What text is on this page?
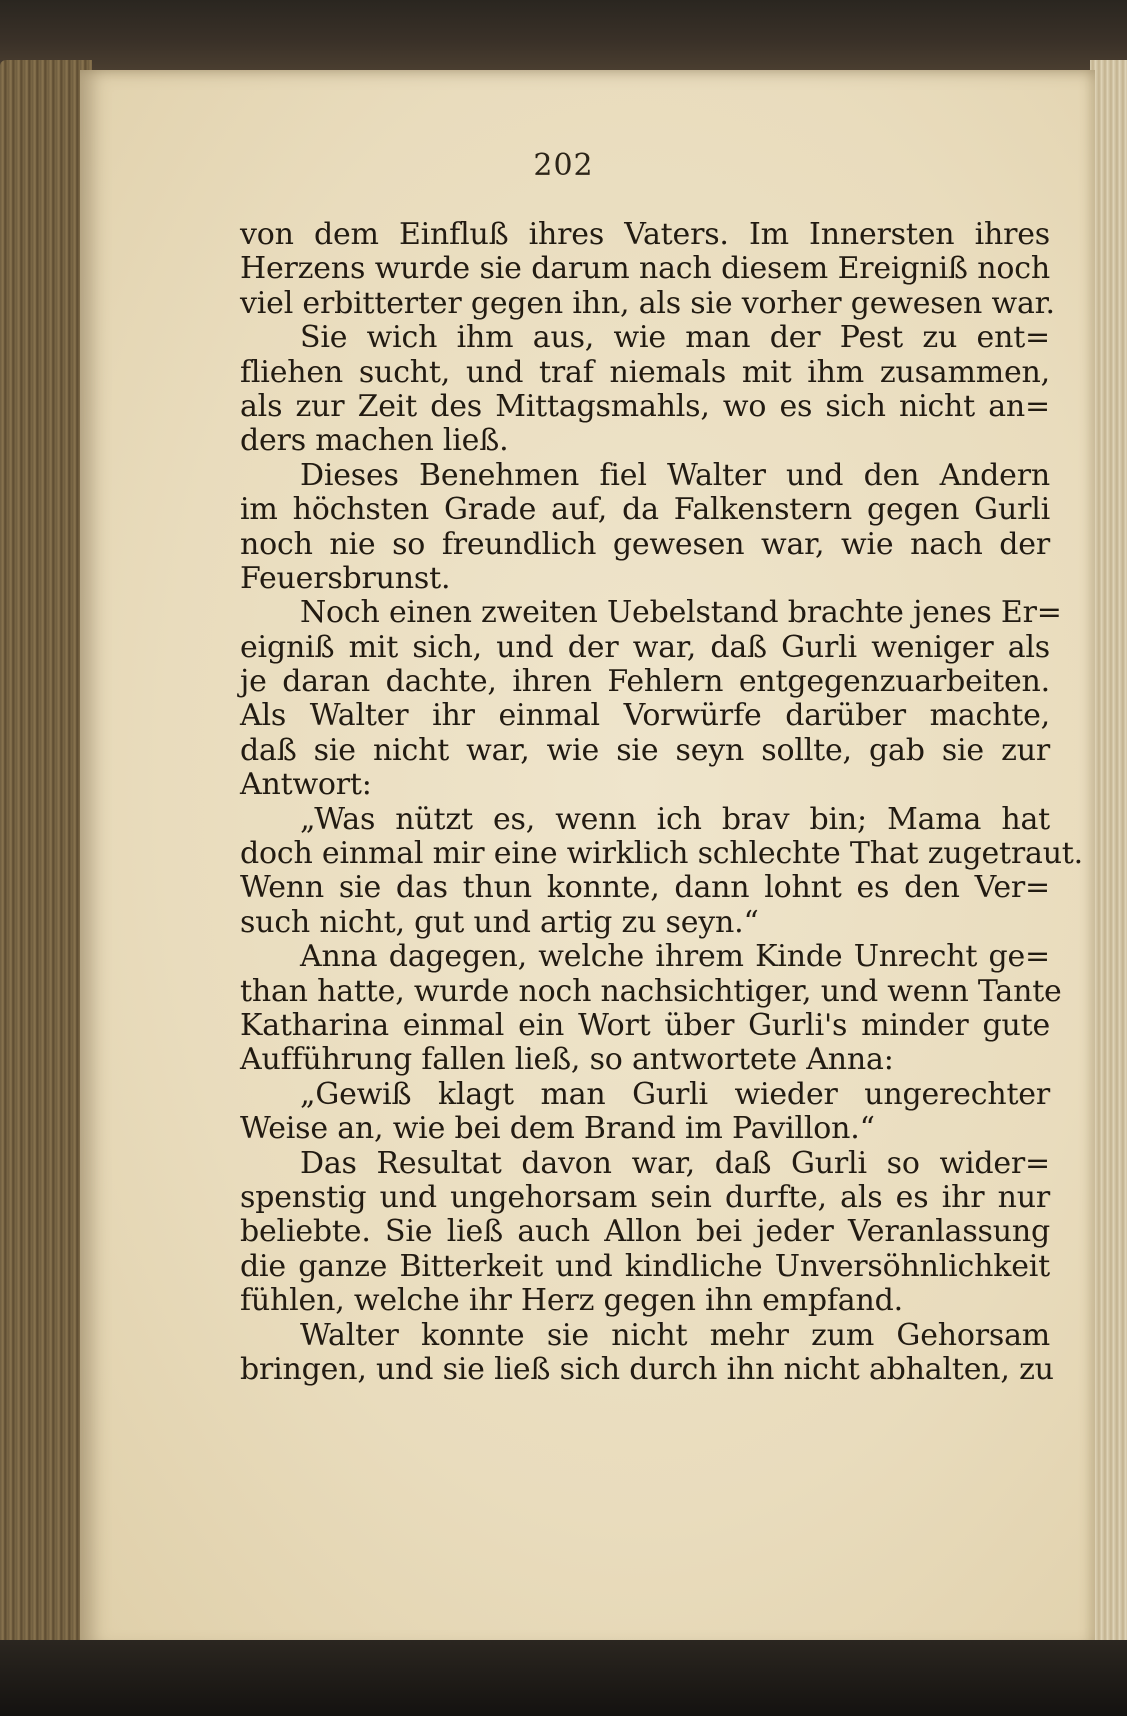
202
von dem Einfluß ihres Vaters. Im Innersten ihres
Herzens wurde sie darum nach diesem Ereigniß noch
viel erbitterter gegen ihn, als sie vorher gewesen war.
Sie wich ihm aus, wie man der Pest zu ent=
fliehen sucht, und traf niemals mit ihm zusammen,
als zur Zeit des Mittagsmahls, wo es sich nicht an=
ders machen ließ.
Dieses Benehmen fiel Walter und den Andern
im höchsten Grade auf, da Falkenstern gegen Gurli
noch nie so freundlich gewesen war, wie nach der
Feuersbrunst.
Noch einen zweiten Uebelstand brachte jenes Er=
eigniß mit sich, und der war, daß Gurli weniger als
je daran dachte, ihren Fehlern entgegenzuarbeiten.
Als Walter ihr einmal Vorwürfe darüber machte,
daß sie nicht war, wie sie seyn sollte, gab sie zur
Antwort:
„Was nützt es, wenn ich brav bin; Mama hat
doch einmal mir eine wirklich schlechte That zugetraut.
Wenn sie das thun konnte, dann lohnt es den Ver=
such nicht, gut und artig zu seyn.“
Anna dagegen, welche ihrem Kinde Unrecht ge=
than hatte, wurde noch nachsichtiger, und wenn Tante
Katharina einmal ein Wort über Gurli's minder gute
Aufführung fallen ließ, so antwortete Anna:
„Gewiß klagt man Gurli wieder ungerechter
Weise an, wie bei dem Brand im Pavillon.“
Das Resultat davon war, daß Gurli so wider=
spenstig und ungehorsam sein durfte, als es ihr nur
beliebte. Sie ließ auch Allon bei jeder Veranlassung
die ganze Bitterkeit und kindliche Unversöhnlichkeit
fühlen, welche ihr Herz gegen ihn empfand.
Walter konnte sie nicht mehr zum Gehorsam
bringen, und sie ließ sich durch ihn nicht abhalten, zu
